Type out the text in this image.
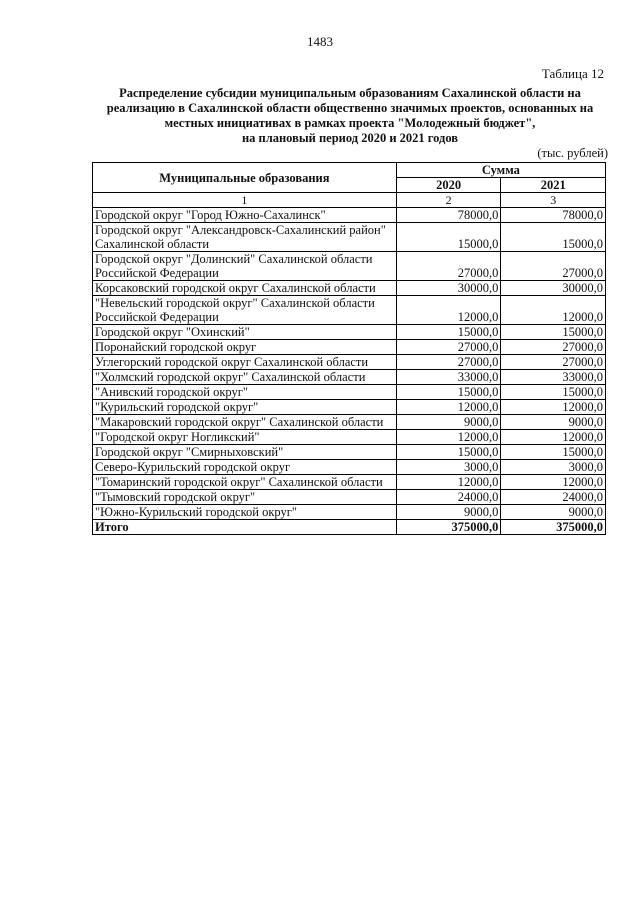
1483
Таблица 12
Распределение субсидии муниципальным образованиям Сахалинской области на
реализацию в Сахалинской области общественно значимых проектов, основанных на
местных инициативах в рамках проекта "Молодежный бюджет",
на плановый период 2020 и 2021 годов
(тыс. рублей)
Муниципальные образования	Сумма	
	2020	2021
1	2	3
Городской округ "Город Южно-Сахалинск"	78000,0	78000,0
Городской округ "Александровск-Сахалинский район"
Сахалинской области	15000,0	15000,0
Городской округ "Долинский" Сахалинской области
Российской Федерации	27000,0	27000,0
Корсаковский городской округ Сахалинской области	30000,0	30000,0
"Невельский городской округ" Сахалинской области
Российской Федерации	12000,0	12000,0
Городской округ "Охинский"	15000,0	15000,0
Поронайский городской округ	27000,0	27000,0
Углегорский городской округ Сахалинской области	27000,0	27000,0
"Холмский городской округ" Сахалинской области	33000,0	33000,0
"Анивский городской округ"	15000,0	15000,0
"Курильский городской округ"	12000,0	12000,0
"Макаровский городской округ" Сахалинской области	9000,0	9000,0
"Городской округ Ногликский"	12000,0	12000,0
Городской округ "Смирныховский"	15000,0	15000,0
Северо-Курильский городской округ	3000,0	3000,0
"Томаринский городской округ" Сахалинской области	12000,0	12000,0
"Тымовский городской округ"	24000,0	24000,0
"Южно-Курильский городской округ"	9000,0	9000,0
Итого	375000,0	375000,0
